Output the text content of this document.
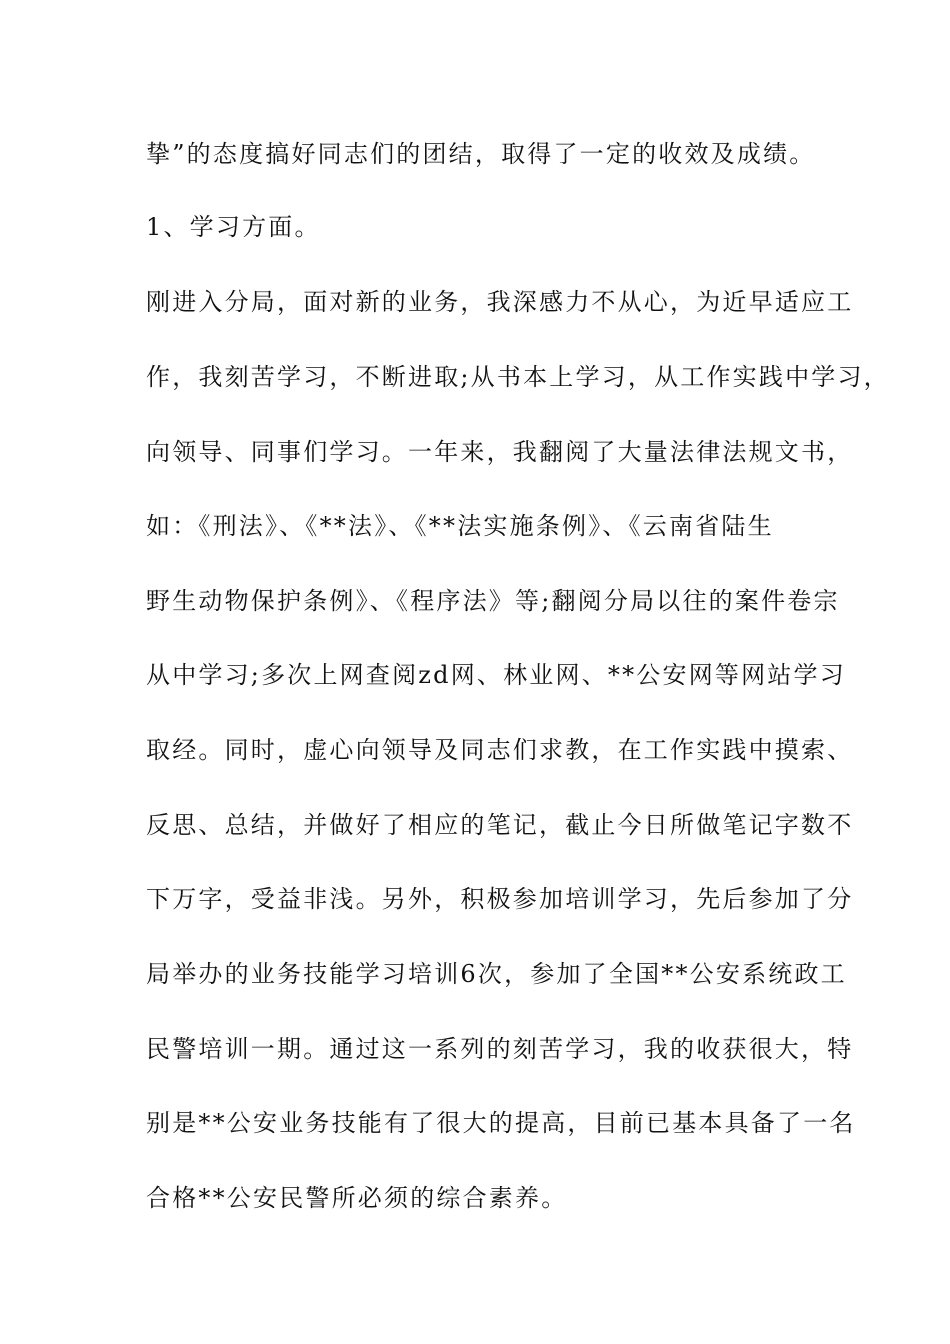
挚”的态度搞好同志们的团结，取得了一定的收效及成绩。
1、学习方面。
刚进入分局，面对新的业务，我深感力不从心，为近早适应工
作，我刻苦学习，不断进取;从书本上学习，从工作实践中学习，
向领导、同事们学习。一年来，我翻阅了大量法律法规文书，
如：《刑法》、《**法》、《**法实施条例》、《云南省陆生
野生动物保护条例》、《程序法》等;翻阅分局以往的案件卷宗
从中学习;多次上网查阅zd网、林业网、**公安网等网站学习
取经。同时，虚心向领导及同志们求教，在工作实践中摸索、
反思、总结，并做好了相应的笔记，截止今日所做笔记字数不
下万字，受益非浅。另外，积极参加培训学习，先后参加了分
局举办的业务技能学习培训6次，参加了全国**公安系统政工
民警培训一期。通过这一系列的刻苦学习，我的收获很大，特
别是**公安业务技能有了很大的提高，目前已基本具备了一名
合格**公安民警所必须的综合素养。
